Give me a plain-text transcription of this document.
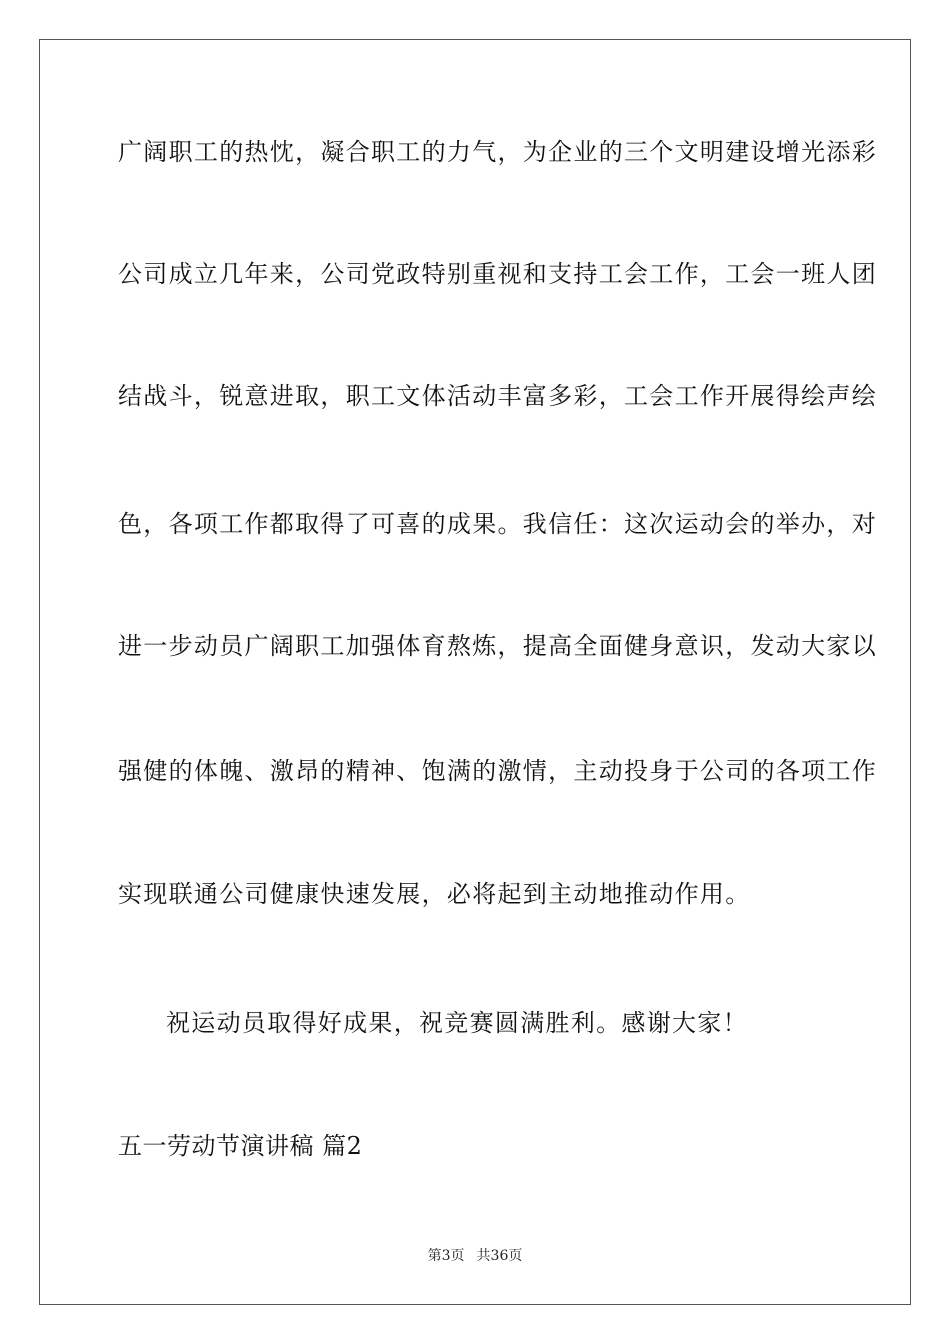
广阔职工的热忱，凝合职工的力气，为企业的三个文明建设增光添彩
公司成立几年来，公司党政特别重视和支持工会工作，工会一班人团
结战斗，锐意进取，职工文体活动丰富多彩，工会工作开展得绘声绘
色，各项工作都取得了可喜的成果。我信任：这次运动会的举办，对
进一步动员广阔职工加强体育熬炼，提高全面健身意识，发动大家以
强健的体魄、激昂的精神、饱满的激情，主动投身于公司的各项工作
实现联通公司健康快速发展，必将起到主动地推动作用。
祝运动员取得好成果，祝竞赛圆满胜利。感谢大家！
五一劳动节演讲稿 篇2
第3页 共36页
